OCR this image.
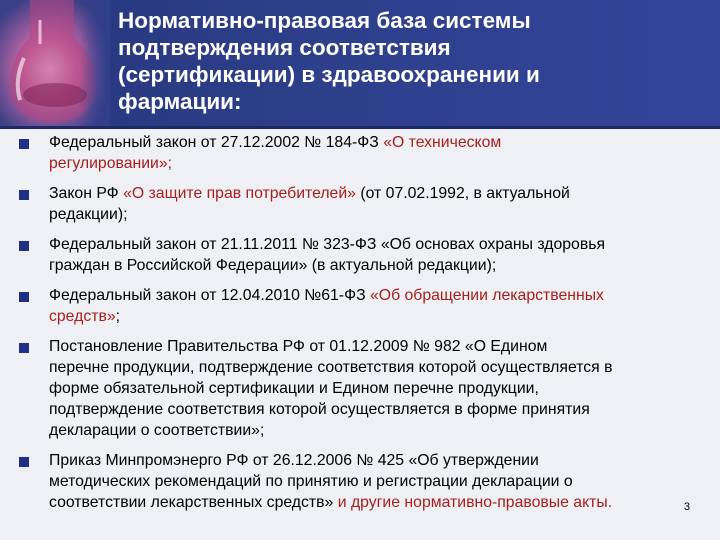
Нормативно-правовая база системы
подтверждения соответствия
(сертификации) в здравоохранении и
фармации:
Федеральный закон от 27.12.2002 № 184-ФЗ «О техническом
регулировании»;
Закон РФ «О защите прав потребителей» (от 07.02.1992, в актуальной
редакции);
Федеральный закон от 21.11.2011 № 323-ФЗ «Об основах охраны здоровья
граждан в Российской Федерации» (в актуальной редакции);
Федеральный закон от 12.04.2010 №61-ФЗ «Об обращении лекарственных
средств»;
Постановление Правительства РФ от 01.12.2009 № 982 «О Едином
перечне продукции, подтверждение соответствия которой осуществляется в
форме обязательной сертификации и Едином перечне продукции,
подтверждение соответствия которой осуществляется в форме принятия
декларации о соответствии»;
Приказ Минпромэнерго РФ от 26.12.2006 № 425 «Об утверждении
методических рекомендаций по принятию и регистрации декларации о
соответствии лекарственных средств» и другие нормативно-правовые акты.	3
